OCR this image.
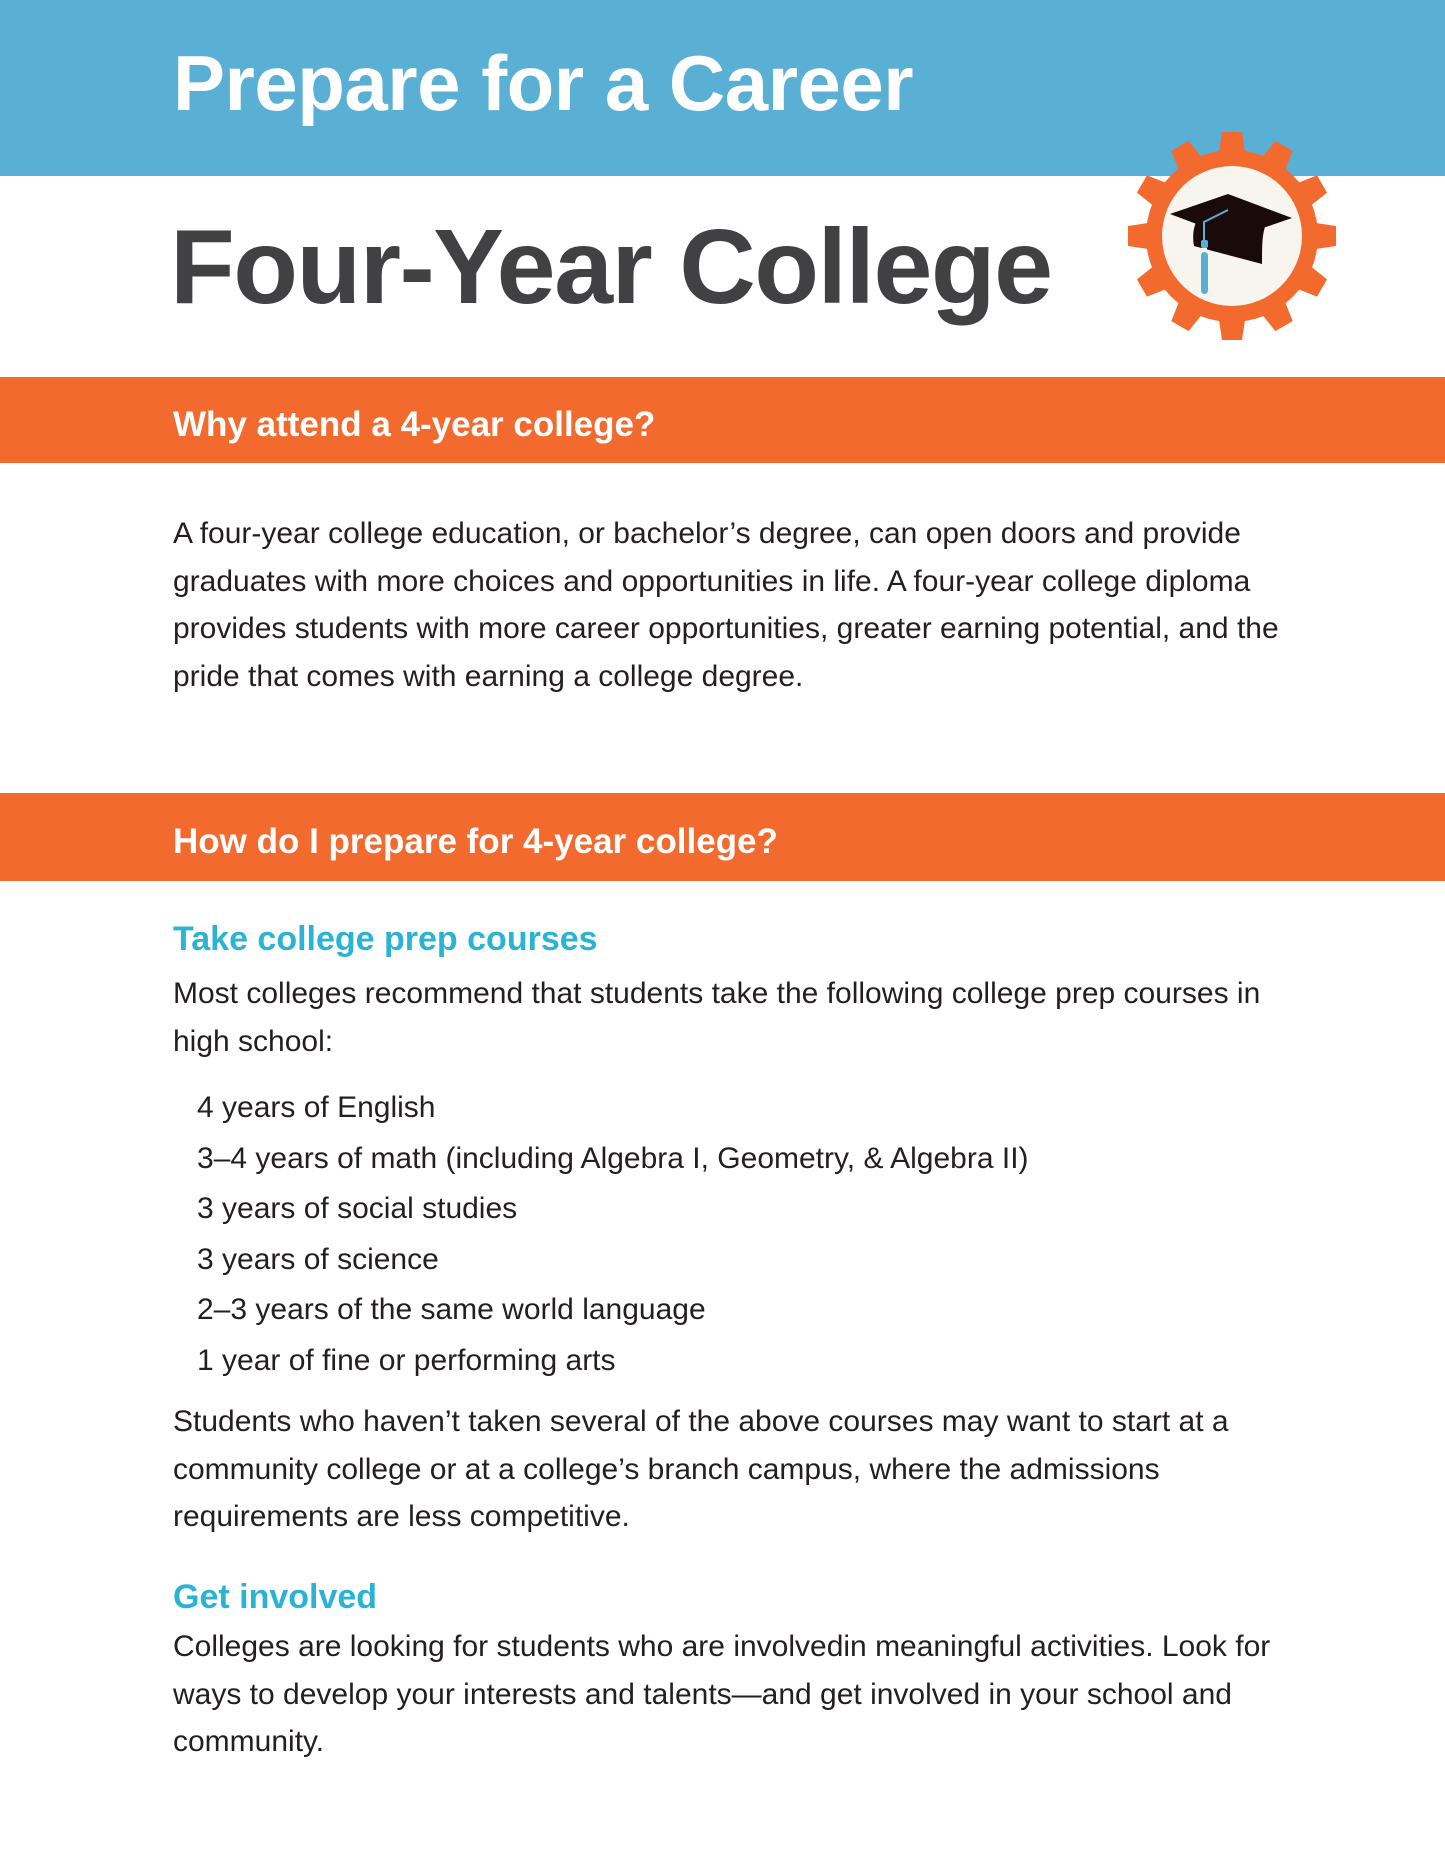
Prepare for a Career
Four-Year College
Why attend a 4-year college?

A four-year college education, or bachelor’s degree, can open doors and provide graduates with more choices and opportunities in life. A four-year college diploma provides students with more career opportunities, greater earning potential, and the pride that comes with earning a college degree.

How do I prepare for 4-year college?
Take college prep courses

Most colleges recommend that students take the following college prep courses in high school:

4 years of English
3–4 years of math (including Algebra I, Geometry, & Algebra II)
3 years of social studies
3 years of science
2–3 years of the same world language
1 year of fine or performing arts

Students who haven’t taken several of the above courses may want to start at a community college or at a college’s branch campus, where the admissions requirements are less competitive.

Get involved

Colleges are looking for students who are involvedin meaningful activities. Look for ways to develop your interests and talents—and get involved in your school and community.
